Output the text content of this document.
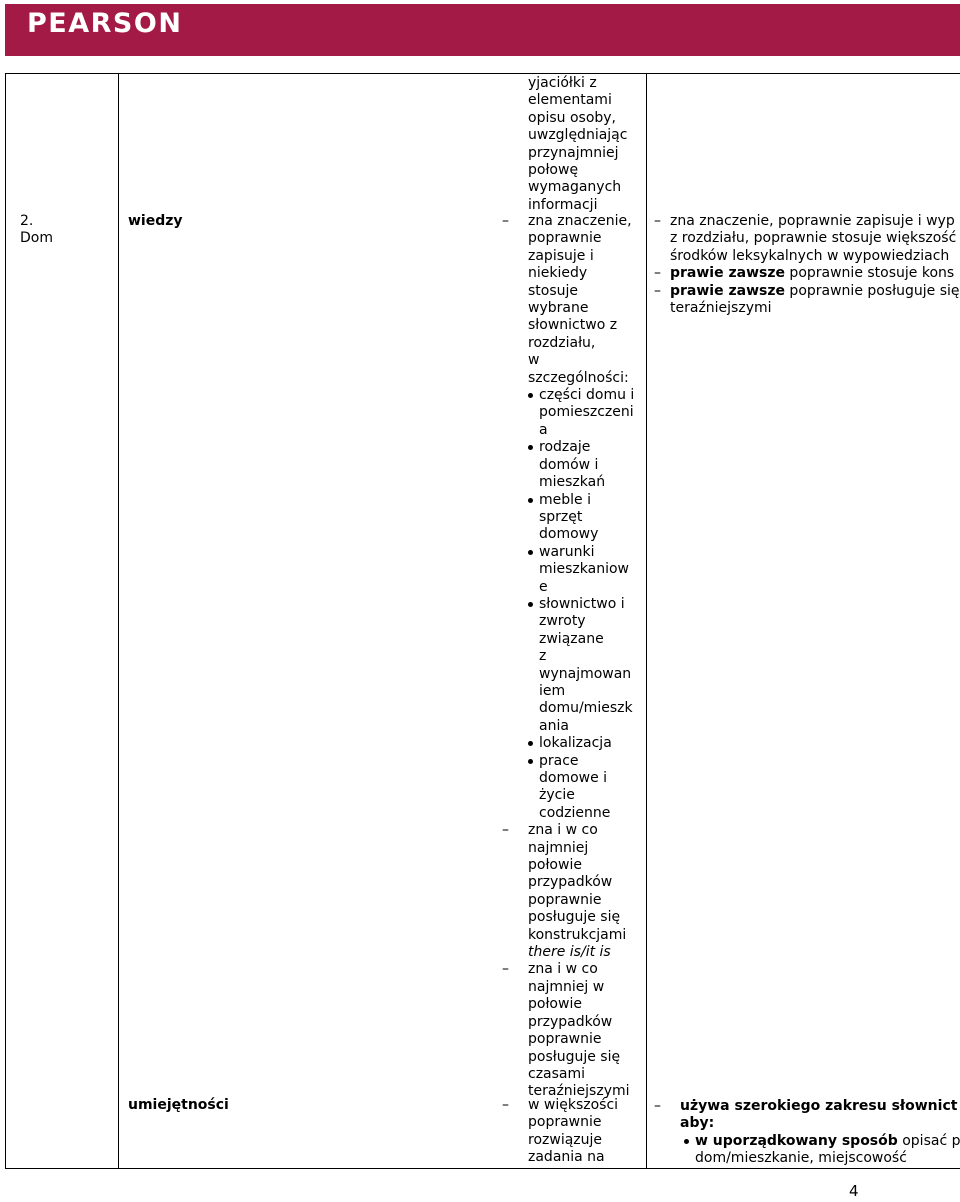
PEARSON
2.
Dom
wiedzy
umiejętności
yjaciółki z
elementami
opisu osoby,
uwzględniając
przynajmniej
połowę
wymaganych
informacji
– zna znaczenie,
poprawnie
zapisuje i
niekiedy
stosuje
wybrane
słownictwo z
rozdziału,
w
szczególności:
części domu i
pomieszczeni
a
rodzaje
domów i
mieszkań
meble i
sprzęt
domowy
warunki
mieszkaniow
e
słownictwo i
zwroty
związane
z
wynajmowan
iem
domu/mieszk
ania
lokalizacja
prace
domowe i
życie
codzienne
– zna i w co
najmniej
połowie
przypadków
poprawnie
posługuje się
konstrukcjami
there is/it is
– zna i w co
najmniej w
połowie
przypadków
poprawnie
posługuje się
czasami
teraźniejszymi
– w większości
poprawnie
rozwiązuje
zadania na
– zna znaczenie, poprawnie zapisuje i wyp
z rozdziału, poprawnie stosuje większość
środków leksykalnych w wypowiedziach
– prawie zawsze poprawnie stosuje kons
– prawie zawsze poprawnie posługuje się
teraźniejszymi
– używa szerokiego zakresu słownict
aby:
w uporządkowany sposób opisać p
dom/mieszkanie, miejscowość
4
